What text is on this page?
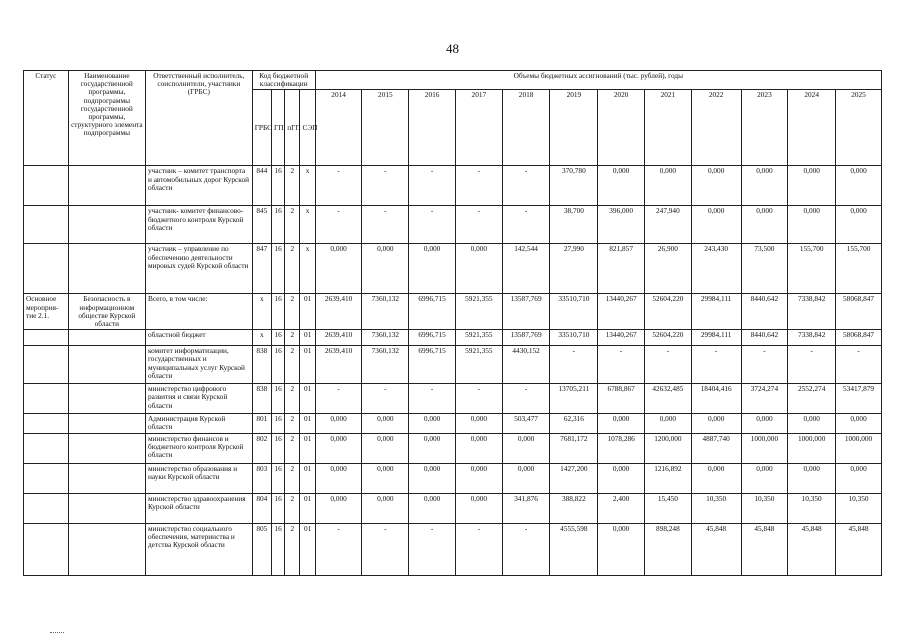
48
Статус	Наименование государственной программы, подпрограммы государственной программы, структурного элемента подпрограммы	Ответственный исполнитель, соисполнители, участники (ГРБС)	Код бюджетной классификации				Объемы бюджетных ассигнований (тыс. рублей), годы											
			ГРБС	ГП	пГП	СЭП	2014	2015	2016	2017	2018	2019	2020	2021	2022	2023	2024	2025
		участник – комитет транспорта и автомобильных дорог Курской области	844	16	2	х	-	-	-	-	-	370,780	0,000	0,000	0,000	0,000	0,000	0,000
		участник- комитет финансово-бюджетного контроля Курской области	845	16	2	х	-	-	-	-	-	38,700	396,000	247,940	0,000	0,000	0,000	0,000
		участник – управление по обеспечению деятельности мировых судей Курской области	847	16	2	х	0,000	0,000	0,000	0,000	142,544	27,990	821,857	26,900	243,430	73,500	155,700	155,700
Основное мероприя-тие 2.1.	Безопасность в информационном обществе Курской области	Всего, в том числе:	х	16	2	01	2639,410	7360,132	6996,715	5921,355	13587,769	33510,710	13440,267	52604,220	29984,111	8440,642	7338,842	58068,847
		областной бюджет	х	16	2	01	2639,410	7360,132	6996,715	5921,355	13587,769	33510,710	13440,267	52604,220	29984,111	8440,642	7338,842	58068,847
		комитет информатизации, государственных и муниципальных услуг Курской области	838	16	2	01	2639,410	7360,132	6996,715	5921,355	4430,152	-	-	-	-	-	-	-
		министерство цифрового развития и связи Курской области	838	16	2	01	-	-	-	-	-	13705,211	6788,867	42632,485	18404,416	3724,274	2552,274	53417,879
		Администрация Курской области	801	16	2	01	0,000	0,000	0,000	0,000	503,477	62,316	0,000	0,000	0,000	0,000	0,000	0,000
		министерство финансов и бюджетного контроля Курской области	802	16	2	01	0,000	0,000	0,000	0,000	0,000	7681,172	1078,286	1200,000	4887,740	1000,000	1000,000	1000,000
		министерство образования и науки Курской области	803	16	2	01	0,000	0,000	0,000	0,000	0,000	1427,200	0,000	1216,892	0,000	0,000	0,000	0,000
		министерство здравоохранения Курской области	804	16	2	01	0,000	0,000	0,000	0,000	341,876	388,822	2,400	15,450	10,350	10,350	10,350	10,350
		министерство социального обеспечения, материнства и детства Курской области	805	16	2	01	-	-	-	-	-	4555,598	0,000	898,248	45,848	45,848	45,848	45,848
